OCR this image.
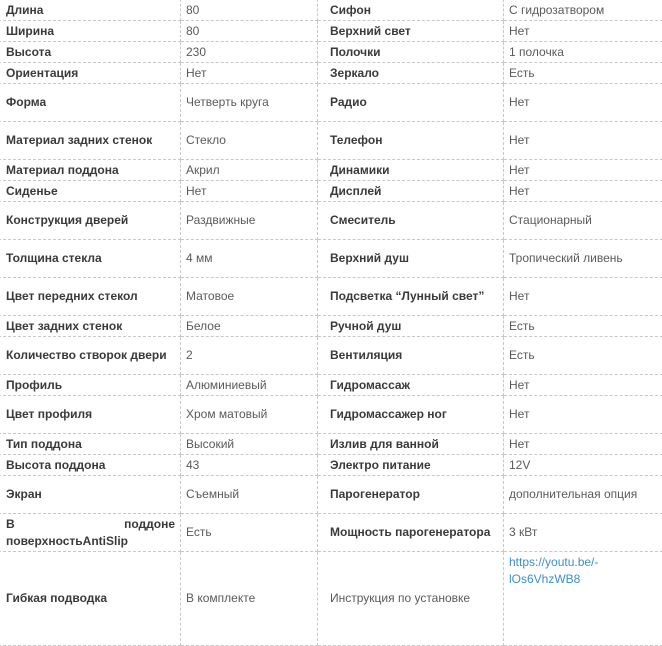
Длина	80	Сифон	С гидрозатвором
Ширина	80	Верхний свет	Нет
Высота	230	Полочки	1 полочка
Ориентация	Нет	Зеркало	Есть
Форма	Четверть круга	Радио	Нет
Материал задних стенок	Стекло	Телефон	Нет
Материал поддона	Акрил	Динамики	Нет
Сиденье	Нет	Дисплей	Нет
Конструкция дверей	Раздвижные	Смеситель	Стационарный
Толщина стекла	4 мм	Верхний душ	Тропический ливень
Цвет передних стекол	Матовое	Подсветка “Лунный свет”	Нет
Цвет задних стенок	Белое	Ручной душ	Есть
Количество створок двери	2	Вентиляция	Есть
Профиль	Алюминиевый	Гидромассаж	Нет
Цвет профиля	Хром матовый	Гидромассажер ног	Нет
Тип поддона	Высокий	Излив для ванной	Нет
Высота поддона	43	Электро питание	12V
Экран	Съемный	Парогенератор	дополнительная опция
В поддоне поверхностьAntiSlip	Есть	Мощность парогенератора	3 кВт
Гибкая подводка	В комплекте	Инструкция по установке	https://youtu.be/-lOs6VhzWB8
